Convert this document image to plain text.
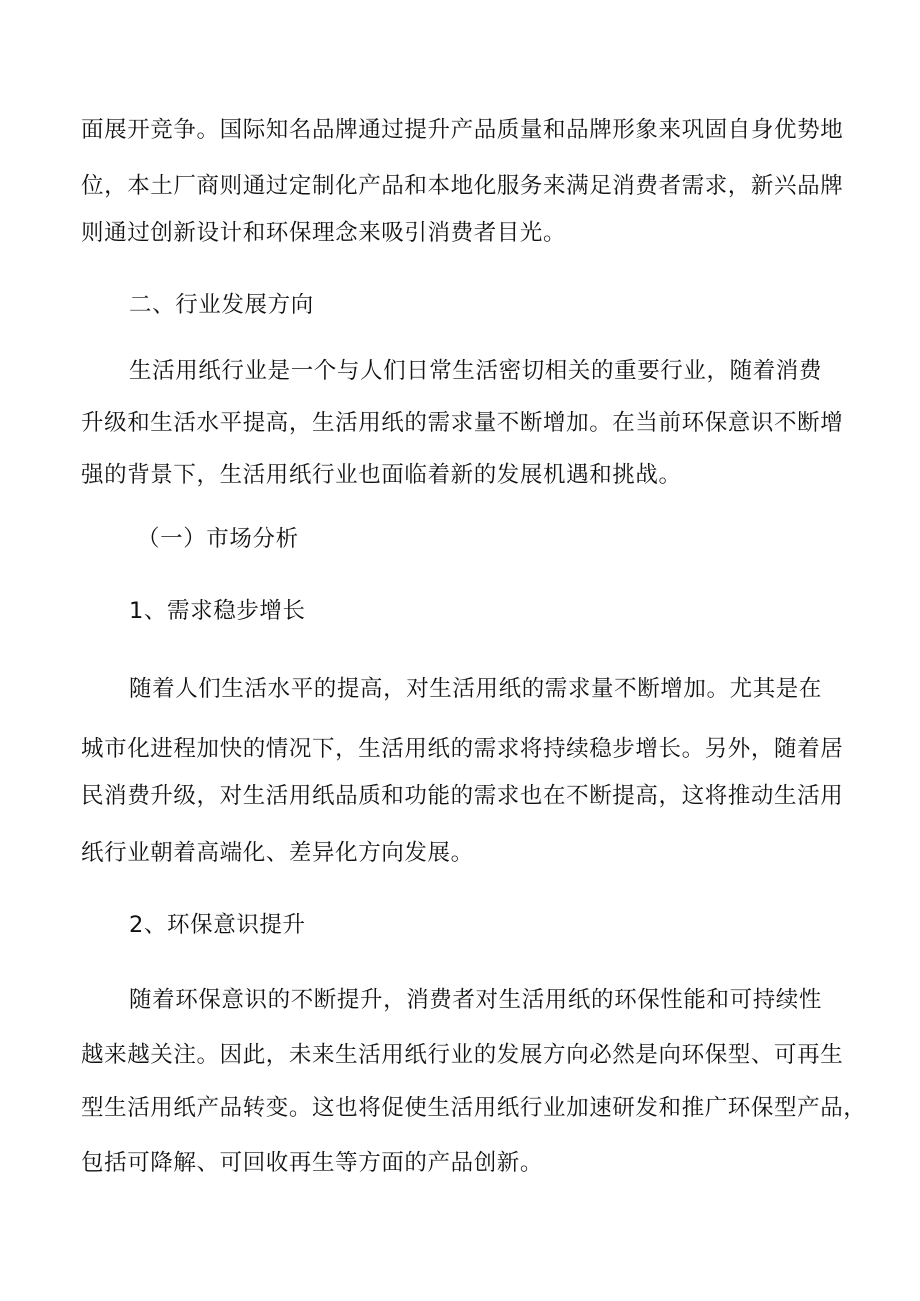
面展开竞争。国际知名品牌通过提升产品质量和品牌形象来巩固自身优势地
位，本土厂商则通过定制化产品和本地化服务来满足消费者需求，新兴品牌
则通过创新设计和环保理念来吸引消费者目光。
二、行业发展方向
生活用纸行业是一个与人们日常生活密切相关的重要行业，随着消费
升级和生活水平提高，生活用纸的需求量不断增加。在当前环保意识不断增
强的背景下，生活用纸行业也面临着新的发展机遇和挑战。
（一）市场分析
1、需求稳步增长
随着人们生活水平的提高，对生活用纸的需求量不断增加。尤其是在
城市化进程加快的情况下，生活用纸的需求将持续稳步增长。另外，随着居
民消费升级，对生活用纸品质和功能的需求也在不断提高，这将推动生活用
纸行业朝着高端化、差异化方向发展。
2、环保意识提升
随着环保意识的不断提升，消费者对生活用纸的环保性能和可持续性
越来越关注。因此，未来生活用纸行业的发展方向必然是向环保型、可再生
型生活用纸产品转变。这也将促使生活用纸行业加速研发和推广环保型产品，
包括可降解、可回收再生等方面的产品创新。
